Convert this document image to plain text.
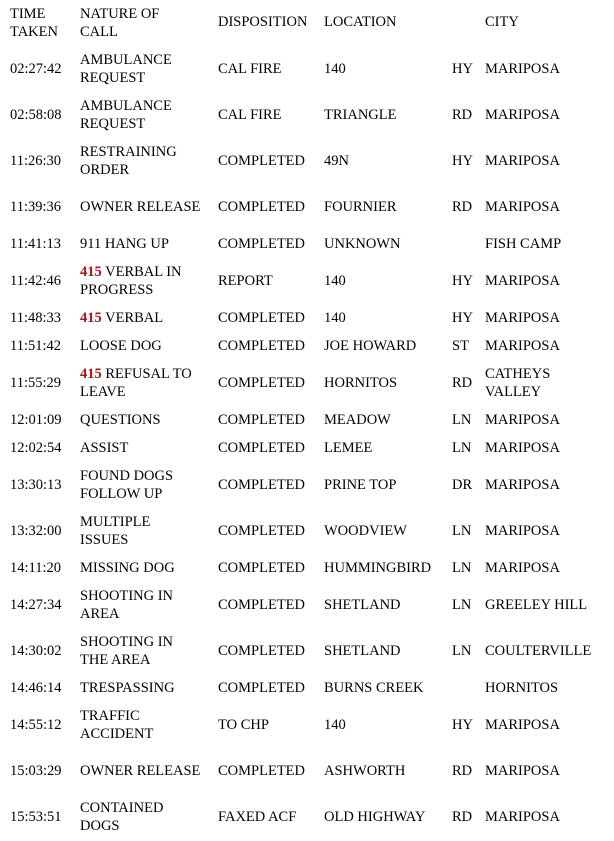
TIME TAKEN	NATURE OF CALL	DISPOSITION	LOCATION		CITY
02:27:42	AMBULANCE REQUEST	CAL FIRE	140	HY	MARIPOSA

02:58:08	AMBULANCE REQUEST	CAL FIRE	TRIANGLE	RD	MARIPOSA

11:26:30	RESTRAINING ORDER	COMPLETED	49N	HY	MARIPOSA

11:39:36	OWNER RELEASE	COMPLETED	FOURNIER	RD	MARIPOSA

11:41:13	911 HANG UP	COMPLETED	UNKNOWN		FISH CAMP

11:42:46	415 VERBAL IN PROGRESS	REPORT	140	HY	MARIPOSA

11:48:33	415 VERBAL	COMPLETED	140	HY	MARIPOSA

11:51:42	LOOSE DOG	COMPLETED	JOE HOWARD	ST	MARIPOSA

11:55:29	415 REFUSAL TO LEAVE	COMPLETED	HORNITOS	RD	CATHEYS VALLEY

12:01:09	QUESTIONS	COMPLETED	MEADOW	LN	MARIPOSA

12:02:54	ASSIST	COMPLETED	LEMEE	LN	MARIPOSA

13:30:13	FOUND DOGS FOLLOW UP	COMPLETED	PRINE TOP	DR	MARIPOSA

13:32:00	MULTIPLE ISSUES	COMPLETED	WOODVIEW	LN	MARIPOSA

14:11:20	MISSING DOG	COMPLETED	HUMMINGBIRD	LN	MARIPOSA

14:27:34	SHOOTING IN AREA	COMPLETED	SHETLAND	LN	GREELEY HILL

14:30:02	SHOOTING IN THE AREA	COMPLETED	SHETLAND	LN	COULTERVILLE

14:46:14	TRESPASSING	COMPLETED	BURNS CREEK		HORNITOS

14:55:12	TRAFFIC ACCIDENT	TO CHP	140	HY	MARIPOSA

15:03:29	OWNER RELEASE	COMPLETED	ASHWORTH	RD	MARIPOSA

15:53:51	CONTAINED DOGS	FAXED ACF	OLD HIGHWAY	RD	MARIPOSA
